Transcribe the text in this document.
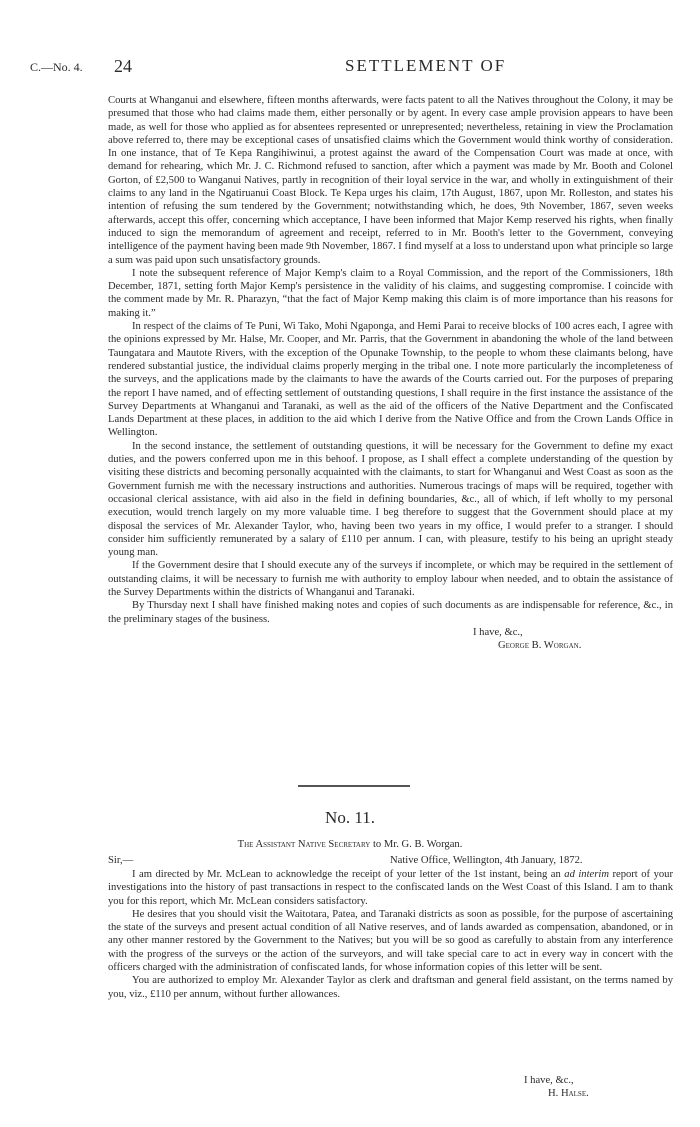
C.—No. 4. 24	SETTLEMENT OF

Courts at Whanganui and elsewhere, fifteen months afterwards, were facts patent to all the Natives throughout the Colony, it may be presumed that those who had claims made them, either personally or by agent. In every case ample provision appears to have been made, as well for those who applied as for absentees represented or unrepresented; nevertheless, retaining in view the Proclamation above referred to, there may be exceptional cases of unsatisfied claims which the Government would think worthy of consideration. In one instance, that of Te Kepa Rangihiwinui, a protest against the award of the Compensation Court was made at once, with demand for rehearing, which Mr. J. C. Richmond refused to sanction, after which a payment was made by Mr. Booth and Colonel Gorton, of £2,500 to Wanganui Natives, partly in recognition of their loyal service in the war, and wholly in extinguishment of their claims to any land in the Ngatiruanui Coast Block. Te Kepa urges his claim, 17th August, 1867, upon Mr. Rolleston, and states his intention of refusing the sum tendered by the Government; notwithstanding which, he does, 9th November, 1867, seven weeks afterwards, accept this offer, concerning which acceptance, I have been informed that Major Kemp reserved his rights, when finally induced to sign the memorandum of agreement and receipt, referred to in Mr. Booth's letter to the Government, conveying intelligence of the payment having been made 9th November, 1867. I find myself at a loss to understand upon what principle so large a sum was paid upon such unsatisfactory grounds.

I note the subsequent reference of Major Kemp's claim to a Royal Commission, and the report of the Commissioners, 18th December, 1871, setting forth Major Kemp's persistence in the validity of his claims, and suggesting compromise. I coincide with the comment made by Mr. R. Pharazyn, “that the fact of Major Kemp making this claim is of more importance than his reasons for making it.”

In respect of the claims of Te Puni, Wi Tako, Mohi Ngaponga, and Hemi Parai to receive blocks of 100 acres each, I agree with the opinions expressed by Mr. Halse, Mr. Cooper, and Mr. Parris, that the Government in abandoning the whole of the land between Taungatara and Mautote Rivers, with the exception of the Opunake Township, to the people to whom these claimants belong, have rendered substantial justice, the individual claims properly merging in the tribal one. I note more particularly the incompleteness of the surveys, and the applications made by the claimants to have the awards of the Courts carried out. For the purposes of preparing the report I have named, and of effecting settlement of outstanding questions, I shall require in the first instance the assistance of the Survey Departments at Whanganui and Taranaki, as well as the aid of the officers of the Native Department and the Confiscated Lands Department at these places, in addition to the aid which I derive from the Native Office and from the Crown Lands Office in Wellington.

In the second instance, the settlement of outstanding questions, it will be necessary for the Government to define my exact duties, and the powers conferred upon me in this behoof. I propose, as I shall effect a complete understanding of the question by visiting these districts and becoming personally acquainted with the claimants, to start for Whanganui and West Coast as soon as the Government furnish me with the necessary instructions and authorities. Numerous tracings of maps will be required, together with occasional clerical assistance, with aid also in the field in defining boundaries, &c., all of which, if left wholly to my personal execution, would trench largely on my more valuable time. I beg therefore to suggest that the Government should place at my disposal the services of Mr. Alexander Taylor, who, having been two years in my office, I would prefer to a stranger. I should consider him sufficiently remunerated by a salary of £110 per annum. I can, with pleasure, testify to his being an upright steady young man.

If the Government desire that I should execute any of the surveys if incomplete, or which may be required in the settlement of outstanding claims, it will be necessary to furnish me with authority to employ labour when needed, and to obtain the assistance of the Survey Departments within the districts of Whanganui and Taranaki.

By Thursday next I shall have finished making notes and copies of such documents as are indispensable for reference, &c., in the preliminary stages of the business.

I have, &c.,
George B. Worgan.
No. 11.
The Assistant Native Secretary to Mr. G. B. Worgan.
Sir,—	Native Office, Wellington, 4th January, 1872.

I am directed by Mr. McLean to acknowledge the receipt of your letter of the 1st instant, being an ad interim report of your investigations into the history of past transactions in respect to the confiscated lands on the West Coast of this Island. I am to thank you for this report, which Mr. McLean considers satisfactory.

He desires that you should visit the Waitotara, Patea, and Taranaki districts as soon as possible, for the purpose of ascertaining the state of the surveys and present actual condition of all Native reserves, and of lands awarded as compensation, abandoned, or in any other manner restored by the Government to the Natives; but you will be so good as carefully to abstain from any interference with the progress of the surveys or the action of the surveyors, and will take special care to act in every way in concert with the officers charged with the administration of confiscated lands, for whose information copies of this letter will be sent.

You are authorized to employ Mr. Alexander Taylor as clerk and draftsman and general field assistant, on the terms named by you, viz., £110 per annum, without further allowances.

I have, &c.,
H. Halse.
